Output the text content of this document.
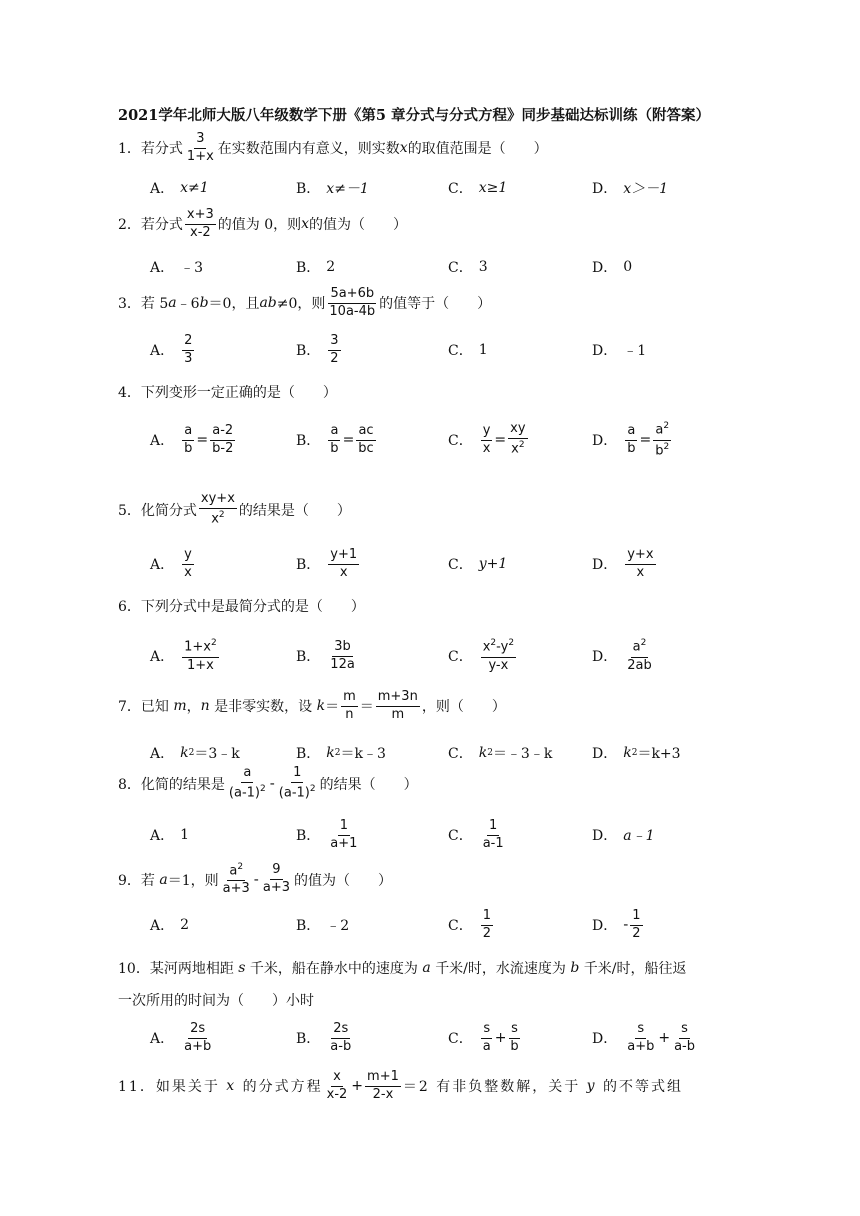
2021学年北师大版八年级数学下册《第5 章分式与分式方程》同步基础达标训练（附答案）
1． 若分式 $\frac{3}{1+x}$ 在实数范围内有意义，则实数 x 的取值范围是（　　）
A． x≠1	B． x≠－1	C． x≥1	D． x＞－1
2． 若分式 $\frac{x+3}{x-2}$ 的值为 0，则 x 的值为（　　）
A． ﹣3	B． 2	C． 3	D． 0
3． 若 5 a ﹣6 b ＝0，且 ab ≠0，则 $\frac{5a+6b}{10a-4b}$ 的值等于（　　）
A． $\frac{2}{3}$	B． $\frac{3}{2}$	C． 1	D． ﹣1
4． 下列变形一定正确的是（　　）
A． $\frac{a}{b} = \frac{a-2}{b-2}$	B． $\frac{a}{b} = \frac{ac}{bc}$	C． $\frac{y}{x} = \frac{xy}{x^2}$	D． $\frac{a}{b} = \frac{a^2}{b^2}$
5． 化简分式 $\frac{xy+x}{x^2}$ 的结果是（　　）
A． $\frac{y}{x}$	B． $\frac{y+1}{x}$	C． y+1	D． $\frac{y+x}{x}$
6． 下列分式中是最简分式的是（　　）
A． $\frac{1+x^2}{1+x}$	B． $\frac{3b}{12a}$	C． $\frac{x^2-y^2}{y-x}$	D． $\frac{a^2}{2ab}$
7． 已知
m ， n
是非零实数，设
$k = \frac{m}{n} = \frac{m+3n}{m}$ ，则（　　）
A． k 2 ＝3﹣k	B． k 2 ＝k﹣3	C． k 2 ＝﹣3﹣k	D． k 2 ＝k+3
8． 化简的结果是 $\frac{a}{(a-1)^2} - \frac{1}{(a-1)^2}$ 的结果（　　）
A． 1	B． $\frac{1}{a+1}$	C． $\frac{1}{a-1}$	D． a﹣1
9． 若
a ＝1，则 $\frac{a^2}{a+3} - \frac{9}{a+3}$ 的值为（　　）
A． 2	B． ﹣2	C． $\frac{1}{2}$	D． - $\frac{1}{2}$
10． 某河两地相距
s
千米，船在静水中的速度为
a
千米/时，水流速度为
b
千米/时，船往返
一次所用的时间为（　　）小时
A． $\frac{2s}{a+b}$	B． $\frac{2s}{a-b}$	C． $\frac{s}{a} + \frac{s}{b}$	D． $\frac{s}{a+b} + \frac{s}{a-b}$
11． 如果关于
x
的分式方程 $\frac{x}{x-2} + \frac{m+1}{2-x} =2$ 有非负整数解，关于
y
的不等式组
